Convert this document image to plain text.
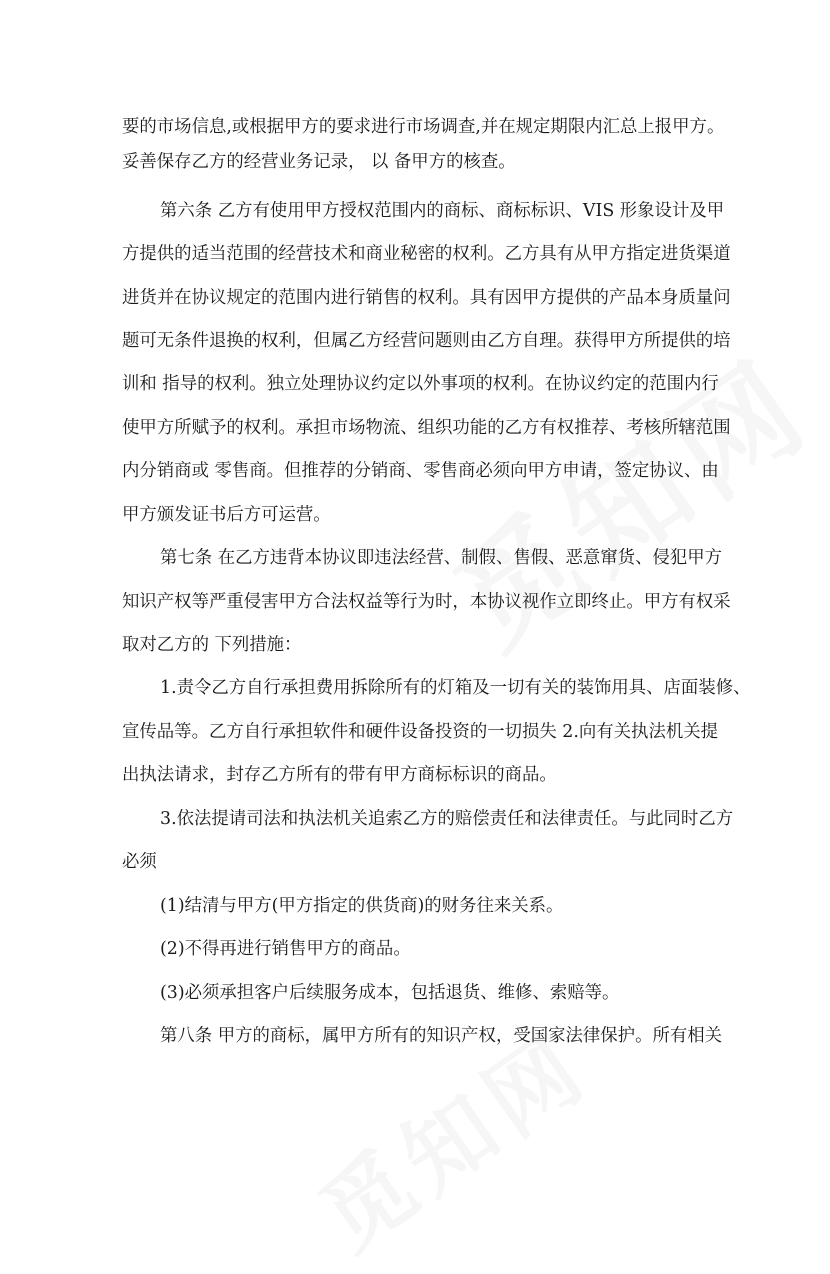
要的市场信息,或根据甲方的要求进行市场调查,并在规定期限内汇总上报甲方。
妥善保存乙方的经营业务记录， 以 备甲方的核查。
第六条 乙方有使用甲方授权范围内的商标、商标标识、VIS 形象设计及甲
方提供的适当范围的经营技术和商业秘密的权利。乙方具有从甲方指定进货渠道
进货并在协议规定的范围内进行销售的权利。具有因甲方提供的产品本身质量问
题可无条件退换的权利，但属乙方经营问题则由乙方自理。获得甲方所提供的培
训和 指导的权利。独立处理协议约定以外事项的权利。在协议约定的范围内行
使甲方所赋予的权利。承担市场物流、组织功能的乙方有权推荐、考核所辖范围
内分销商或 零售商。但推荐的分销商、零售商必须向甲方申请，签定协议、由
甲方颁发证书后方可运营。
第七条 在乙方违背本协议即违法经营、制假、售假、恶意窜货、侵犯甲方
知识产权等严重侵害甲方合法权益等行为时，本协议视作立即终止。甲方有权采
取对乙方的 下列措施：
1.责令乙方自行承担费用拆除所有的灯箱及一切有关的装饰用具、店面装修、
宣传品等。乙方自行承担软件和硬件设备投资的一切损失 2.向有关执法机关提
出执法请求，封存乙方所有的带有甲方商标标识的商品。
3.依法提请司法和执法机关追索乙方的赔偿责任和法律责任。与此同时乙方
必须
(1)结清与甲方(甲方指定的供货商)的财务往来关系。
(2)不得再进行销售甲方的商品。
(3)必须承担客户后续服务成本，包括退货、维修、索赔等。
第八条 甲方的商标，属甲方所有的知识产权，受国家法律保护。所有相关
